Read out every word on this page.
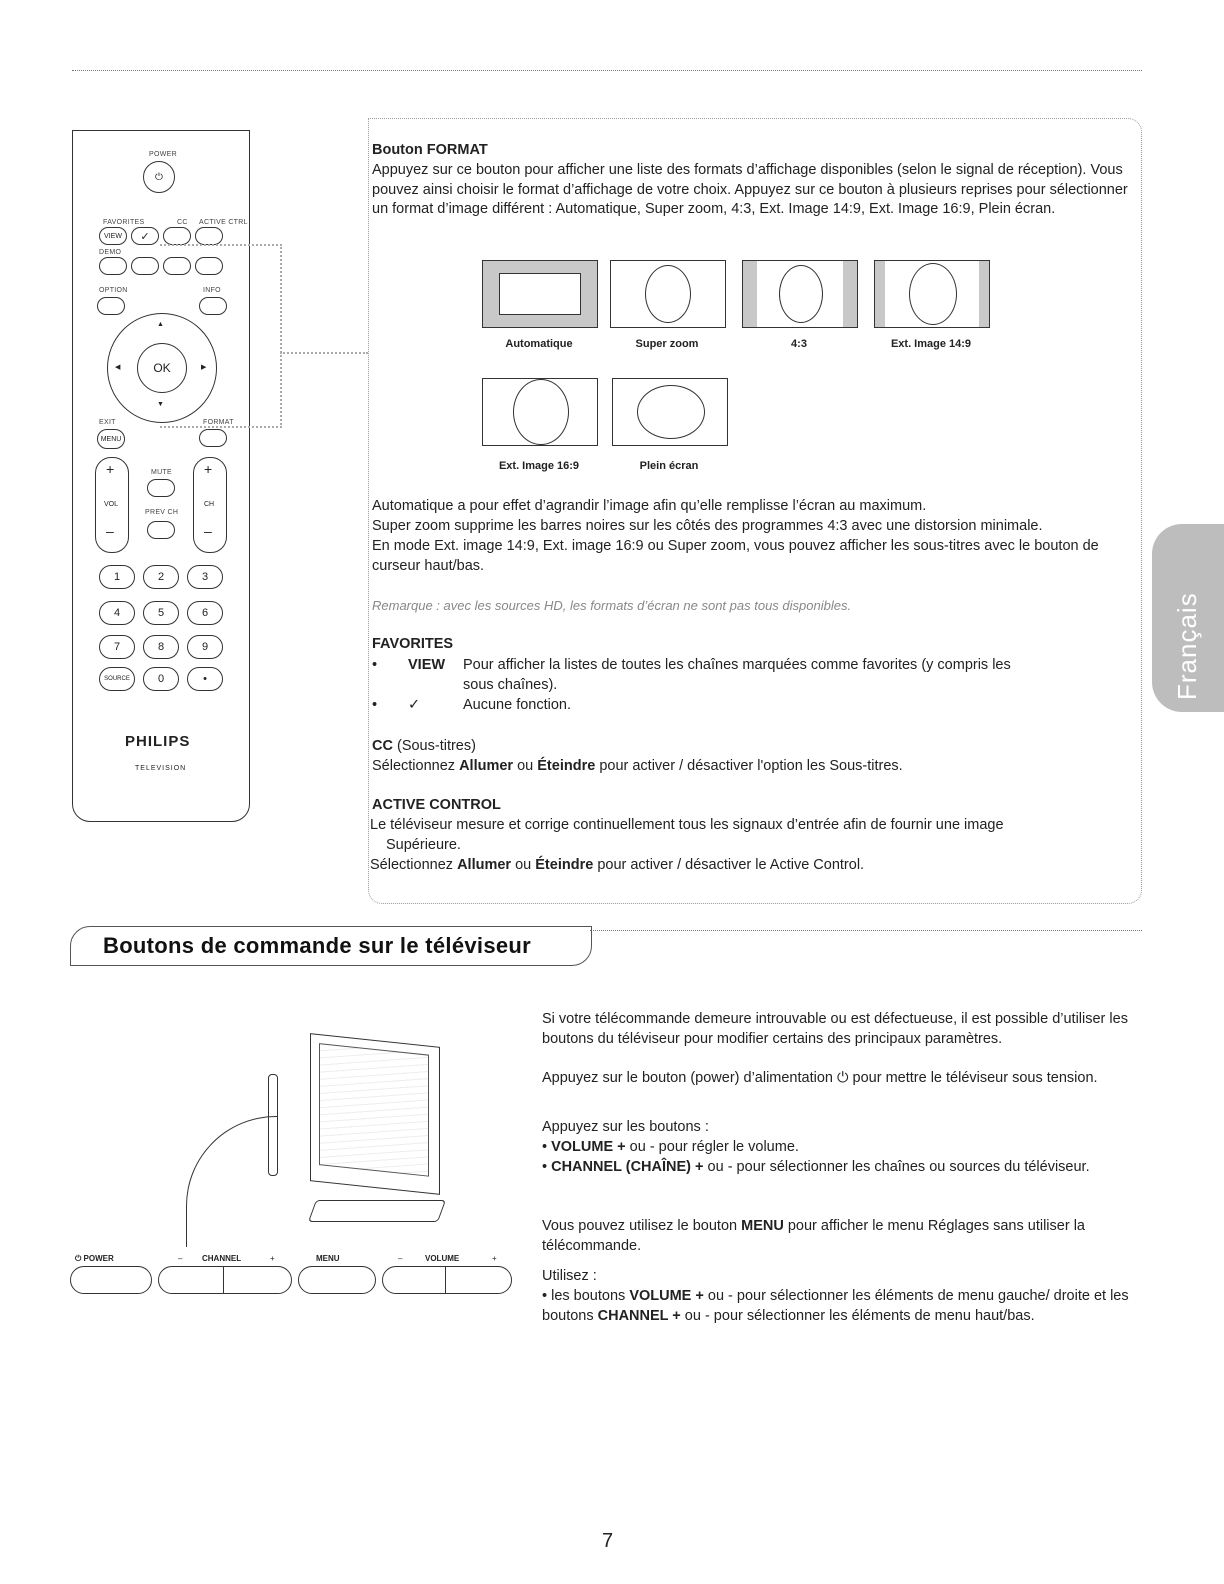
POWER
⏻
FAVORITES	CC ACTIVE CTRL
VIEW	✓
DEMO
OPTION	INFO
OK
▲
▼
◀	▶
EXIT	FORMAT
MENU
+
VOL
–
MUTE
PREV CH
+
CH
–
1	2	3
4	5	6
7	8	9
SOURCE	0	•
PHILIPS
TELEVISION
Bouton FORMAT
Appuyez sur ce bouton pour afficher une liste des formats d’affichage disponibles (selon le signal de réception). Vous pouvez ainsi choisir le format d’affichage de votre choix. Appuyez sur ce bouton à plusieurs reprises pour sélectionner un format d’image différent : Automatique, Super zoom, 4:3, Ext. Image 14:9, Ext. Image 16:9, Plein écran.
Automatique	Super zoom	4:3	Ext. Image 14:9
Ext. Image 16:9	Plein écran
Automatique a pour effet d’agrandir l’image afin qu’elle remplisse l’écran au maximum.
Super zoom supprime les barres noires sur les côtés des programmes 4:3 avec une distorsion minimale.
En mode Ext. image 14:9, Ext. image 16:9 ou Super zoom, vous pouvez afficher les sous-titres avec le bouton de curseur haut/bas.
Remarque : avec les sources HD, les formats d’écran ne sont pas tous disponibles.
FAVORITES
• VIEW Pour afficher la listes de toutes les chaînes marquées comme favorites (y compris les
sous chaînes).
• ✓	Aucune fonction.
CC (Sous-titres)
Sélectionnez Allumer ou Éteindre pour activer / désactiver l'option les Sous-titres.
ACTIVE CONTROL
Le téléviseur mesure et corrige continuellement tous les signaux d’entrée afin de fournir une image
Supérieure.
Sélectionnez Allumer ou Éteindre pour activer / désactiver le Active Control.
Français
Boutons de commande sur le téléviseur
⏻ POWER	– CHANNEL	+	MENU	–	VOLUME	+
Si votre télécommande demeure introuvable ou est défectueuse, il est possible d’utiliser les boutons du téléviseur pour modifier certains des principaux paramètres.
Appuyez sur le bouton (power) d’alimentation ⏻ pour mettre le téléviseur sous tension.
Appuyez sur les boutons :
• VOLUME + ou - pour régler le volume.
• CHANNEL (CHAÎNE) + ou - pour sélectionner les chaînes ou sources du téléviseur.
Vous pouvez utilisez le bouton MENU pour afficher le menu Réglages sans utiliser la télécommande.
Utilisez :
• les boutons VOLUME + ou - pour sélectionner les éléments de menu gauche/ droite et les boutons CHANNEL + ou - pour sélectionner les éléments de menu haut/bas.
7
